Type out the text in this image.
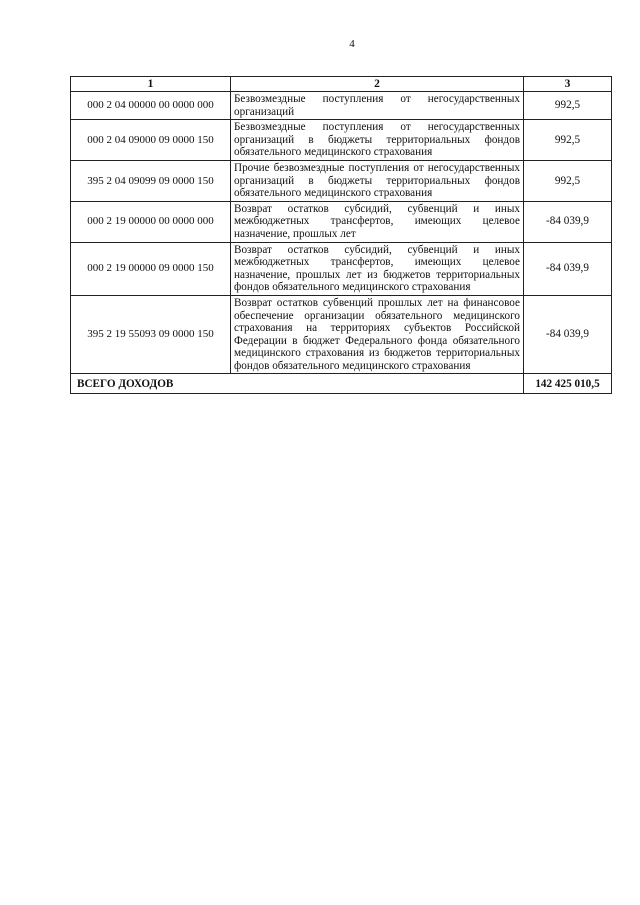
4
1	2	3
000 2 04 00000 00 0000 000	Безвозмездные поступления от негосударственных организаций	992,5
000 2 04 09000 09 0000 150	Безвозмездные поступления от негосударственных организаций в бюджеты территориальных фондов обязательного медицинского страхования	992,5
395 2 04 09099 09 0000 150	Прочие безвозмездные поступления от негосударственных организаций в бюджеты территориальных фондов обязательного медицинского страхования	992,5
000 2 19 00000 00 0000 000	Возврат остатков субсидий, субвенций и иных межбюджетных трансфертов, имеющих целевое назначение, прошлых лет	-84 039,9
000 2 19 00000 09 0000 150	Возврат остатков субсидий, субвенций и иных межбюджетных трансфертов, имеющих целевое назначение, прошлых лет из бюджетов территориальных фондов обязательного медицинского страхования	-84 039,9
395 2 19 55093 09 0000 150	Возврат остатков субвенций прошлых лет на финансовое обеспечение организации обязательного медицинского страхования на территориях субъектов Российской Федерации в бюджет Федерального фонда обязательного медицинского страхования из бюджетов территориальных фондов обязательного медицинского страхования	-84 039,9
ВСЕГО ДОХОДОВ		142 425 010,5
